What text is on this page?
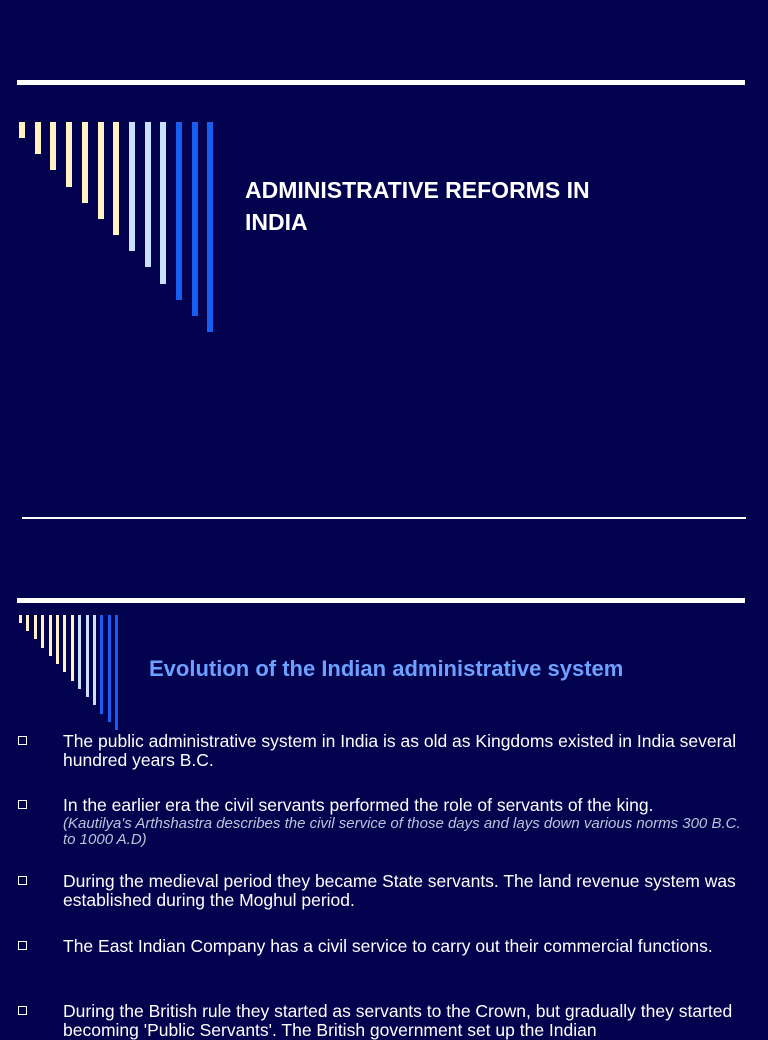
ADMINISTRATIVE REFORMS IN
INDIA
Evolution of the Indian administrative system
The public administrative system in India is as old as Kingdoms existed in India several hundred years B.C.
In the earlier era the civil servants performed the role of servants of the king.
(Kautilya's Arthshastra describes the civil service of those days and lays down various norms 300 B.C. to 1000 A.D)
During the medieval period they became State servants. The land revenue system was established during the Moghul period.
The East Indian Company has a civil service to carry out their commercial functions.
During the British rule they started as servants to the Crown, but gradually they started becoming 'Public Servants'. The British government set up the Indian
